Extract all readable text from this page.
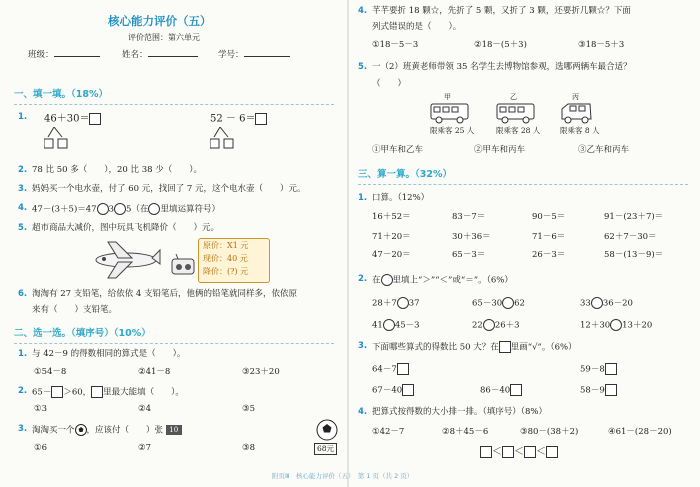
核心能力评价（五）
评价范围：第六单元
班级：	姓名：	学号：
一、填一填。（18%）
1. 46＋30＝	52 － 6＝
2. 78 比 50 多（　　），20 比 38 少（　　）。
3. 妈妈买一个电水壶，付了 60 元，找回了 7 元，这个电水壶（　　）元。
4. 47－(3＋5)＝47 3 5（在 里填运算符号）
5. 超市商品大减价，图中玩具飞机降价（　　）元。
原价：X1 元
现价：40 元
降价：(?) 元
6. 淘淘有 27 支铅笔，给依依 4 支铅笔后，他俩的铅笔就同样多，依依原
来有（　　）支铅笔。
二、选一选。（填序号）（10%）
1. 与 42－9 的得数相同的算式是（　　）。
①54－8	②41－8	③23＋20
2. 65－ ＞60， 里最大能填（　　）。
①3	②4	③5
3. 淘淘买一个 ，应该付（　　）张 10
68元
①6	②7	③8
4. 芊芊要折 18 颗☆，先折了 5 颗，又折了 3 颗，还要折几颗☆？下面
列式错误的是（　　）。
①18－5－3	②18－(5＋3)	③18－5＋3
5. 一（2）班黄老师带领 35 名学生去博物馆参观，选哪两辆车最合适？
（　　）
甲	乙	丙
限乘客 25 人	限乘客 28 人	限乘客 8 人
①甲车和乙车	②甲车和丙车	③乙车和丙车
三、算一算。（32%）
1. 口算。（12%）
16＋52＝	83－7＝	90－5＝	91－(23＋7)＝
71＋20＝	30＋36＝	71－6＝	62＋7－30＝
47－20＝	65－3＝	26－3＝	58－(13－9)＝
2. 在 里填上“＞”“＜”或“＝”。（6%）
28＋7 37	65－30 62	33 36－20
41 45－3	22 26＋3	12＋30 13＋20
3. 下面哪些算式的得数比 50 大？在 里画“√”。（6%）
64－7	59－8
67－40	86－40	58－9
4. 把算式按得数的大小排一排。（填序号）（8%）
①42－7	②8＋45－6	③80－(38＋2)	④61－(28－20)
＜ ＜ ＜
附页Ⅲ　核心能力评价（五）　第 1 页（共 2 页）
